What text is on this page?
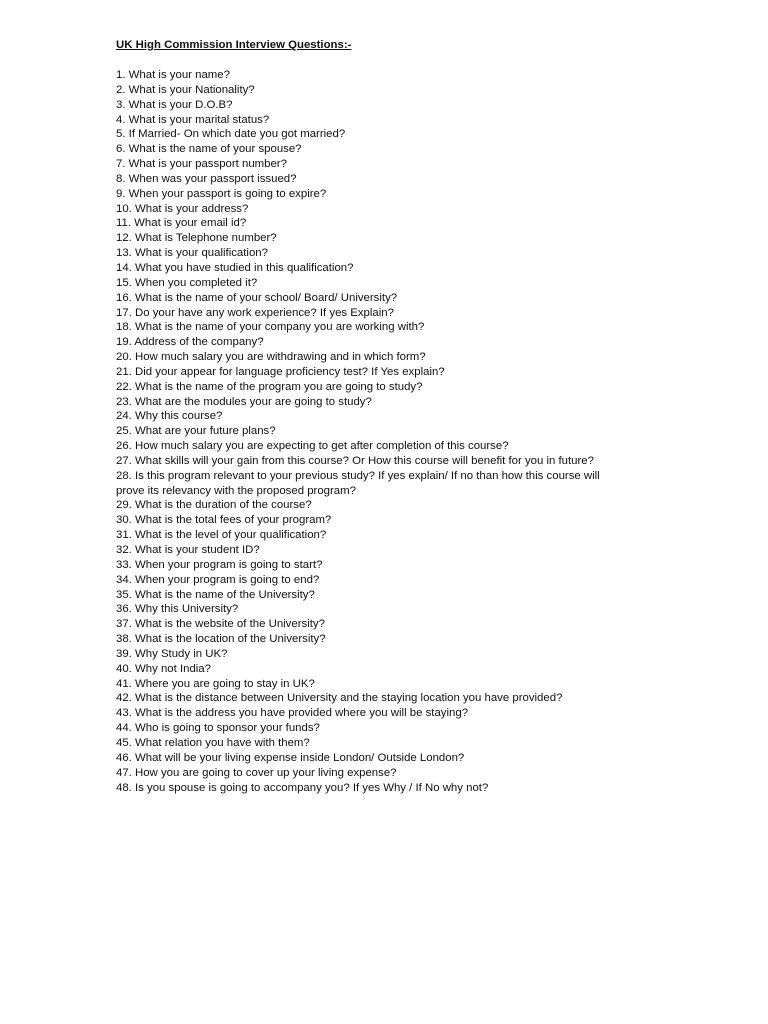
UK High Commission Interview Questions:-
1. What is your name?
2. What is your Nationality?
3. What is your D.O.B?
4. What is your marital status?
5. If Married- On which date you got married?
6. What is the name of your spouse?
7. What is your passport number?
8. When was your passport issued?
9. When your passport is going to expire?
10. What is your address?
11. What is your email id?
12. What is Telephone number?
13. What is your qualification?
14. What you have studied in this qualification?
15. When you completed it?
16. What is the name of your school/ Board/ University?
17. Do your have any work experience? If yes Explain?
18. What is the name of your company you are working with?
19. Address of the company?
20. How much salary you are withdrawing and in which form?
21. Did your appear for language proficiency test? If Yes explain?
22. What is the name of the program you are going to study?
23. What are the modules your are going to study?
24. Why this course?
25. What are your future plans?
26. How much salary you are expecting to get after completion of this course?
27. What skills will your gain from this course? Or How this course will benefit for you in future?
28. Is this program relevant to your previous study? If yes explain/ If no than how this course will prove its relevancy with the proposed program?
29. What is the duration of the course?
30. What is the total fees of your program?
31. What is the level of your qualification?
32. What is your student ID?
33. When your program is going to start?
34. When your program is going to end?
35. What is the name of the University?
36. Why this University?
37. What is the website of the University?
38. What is the location of the University?
39. Why Study in UK?
40. Why not India?
41. Where you are going to stay in UK?
42. What is the distance between University and the staying location you have provided?
43. What is the address you have provided where you will be staying?
44. Who is going to sponsor your funds?
45. What relation you have with them?
46. What will be your living expense inside London/ Outside London?
47. How you are going to cover up your living expense?
48. Is you spouse is going to accompany you? If yes Why / If No why not?
